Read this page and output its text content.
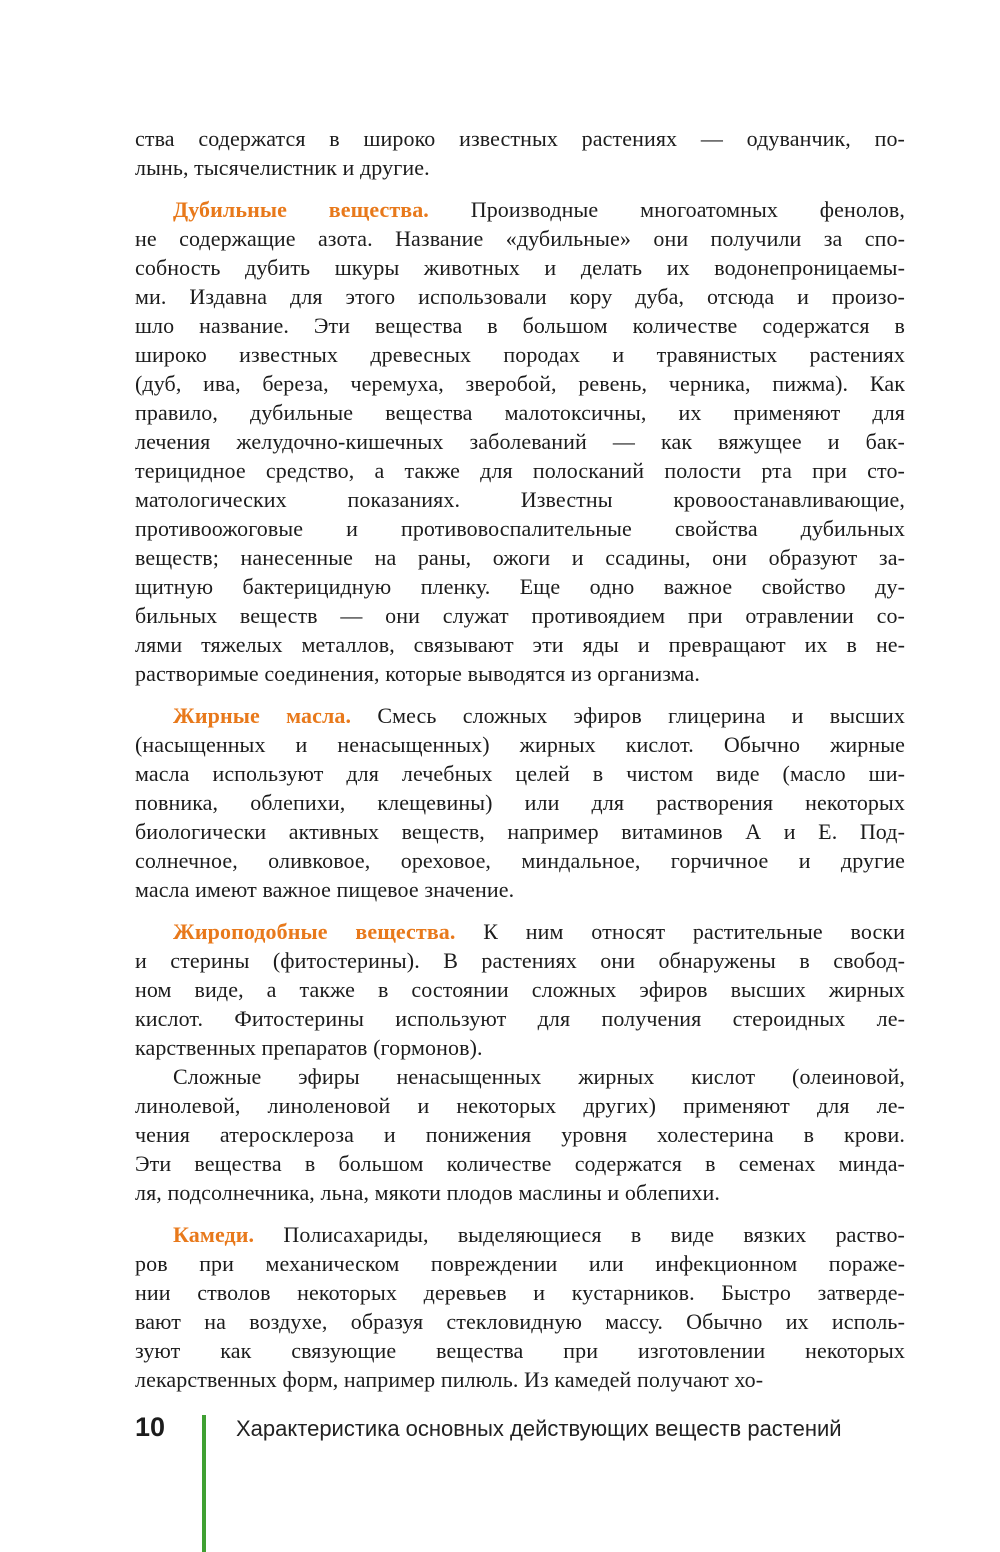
ства содержатся в широко известных растениях — одуванчик, по-
лынь, тысячелистник и другие.
Дубильные вещества. Производные многоатомных фенолов,
не содержащие азота. Название «дубильные» они получили за спо-
собность дубить шкуры животных и делать их водонепроницаемы-
ми. Издавна для этого использовали кору дуба, отсюда и произо-
шло название. Эти вещества в большом количестве содержатся в
широко известных древесных породах и травянистых растениях
(дуб, ива, береза, черемуха, зверобой, ревень, черника, пижма). Как
правило, дубильные вещества малотоксичны, их применяют для
лечения желудочно-кишечных заболеваний — как вяжущее и бак-
терицидное средство, а также для полосканий полости рта при сто-
матологических показаниях. Известны кровоостанавливающие,
противоожоговые и противовоспалительные свойства дубильных
веществ; нанесенные на раны, ожоги и ссадины, они образуют за-
щитную бактерицидную пленку. Еще одно важное свойство ду-
бильных веществ — они служат противоядием при отравлении со-
лями тяжелых металлов, связывают эти яды и превращают их в не-
растворимые соединения, которые выводятся из организма.
Жирные масла. Смесь сложных эфиров глицерина и высших
(насыщенных и ненасыщенных) жирных кислот. Обычно жирные
масла используют для лечебных целей в чистом виде (масло ши-
повника, облепихи, клещевины) или для растворения некоторых
биологически активных веществ, например витаминов А и Е. Под-
солнечное, оливковое, ореховое, миндальное, горчичное и другие
масла имеют важное пищевое значение.
Жироподобные вещества. К ним относят растительные воски
и стерины (фитостерины). В растениях они обнаружены в свобод-
ном виде, а также в состоянии сложных эфиров высших жирных
кислот. Фитостерины используют для получения стероидных ле-
карственных препаратов (гормонов).
Сложные эфиры ненасыщенных жирных кислот (олеиновой,
линолевой, линоленовой и некоторых других) применяют для ле-
чения атеросклероза и понижения уровня холестерина в крови.
Эти вещества в большом количестве содержатся в семенах минда-
ля, подсолнечника, льна, мякоти плодов маслины и облепихи.
Камеди. Полисахариды, выделяющиеся в виде вязких раство-
ров при механическом повреждении или инфекционном пораже-
нии стволов некоторых деревьев и кустарников. Быстро затверде-
вают на воздухе, образуя стекловидную массу. Обычно их исполь-
зуют как связующие вещества при изготовлении некоторых
лекарственных форм, например пилюль. Из камедей получают хо-
10	Характеристика основных действующих веществ растений
